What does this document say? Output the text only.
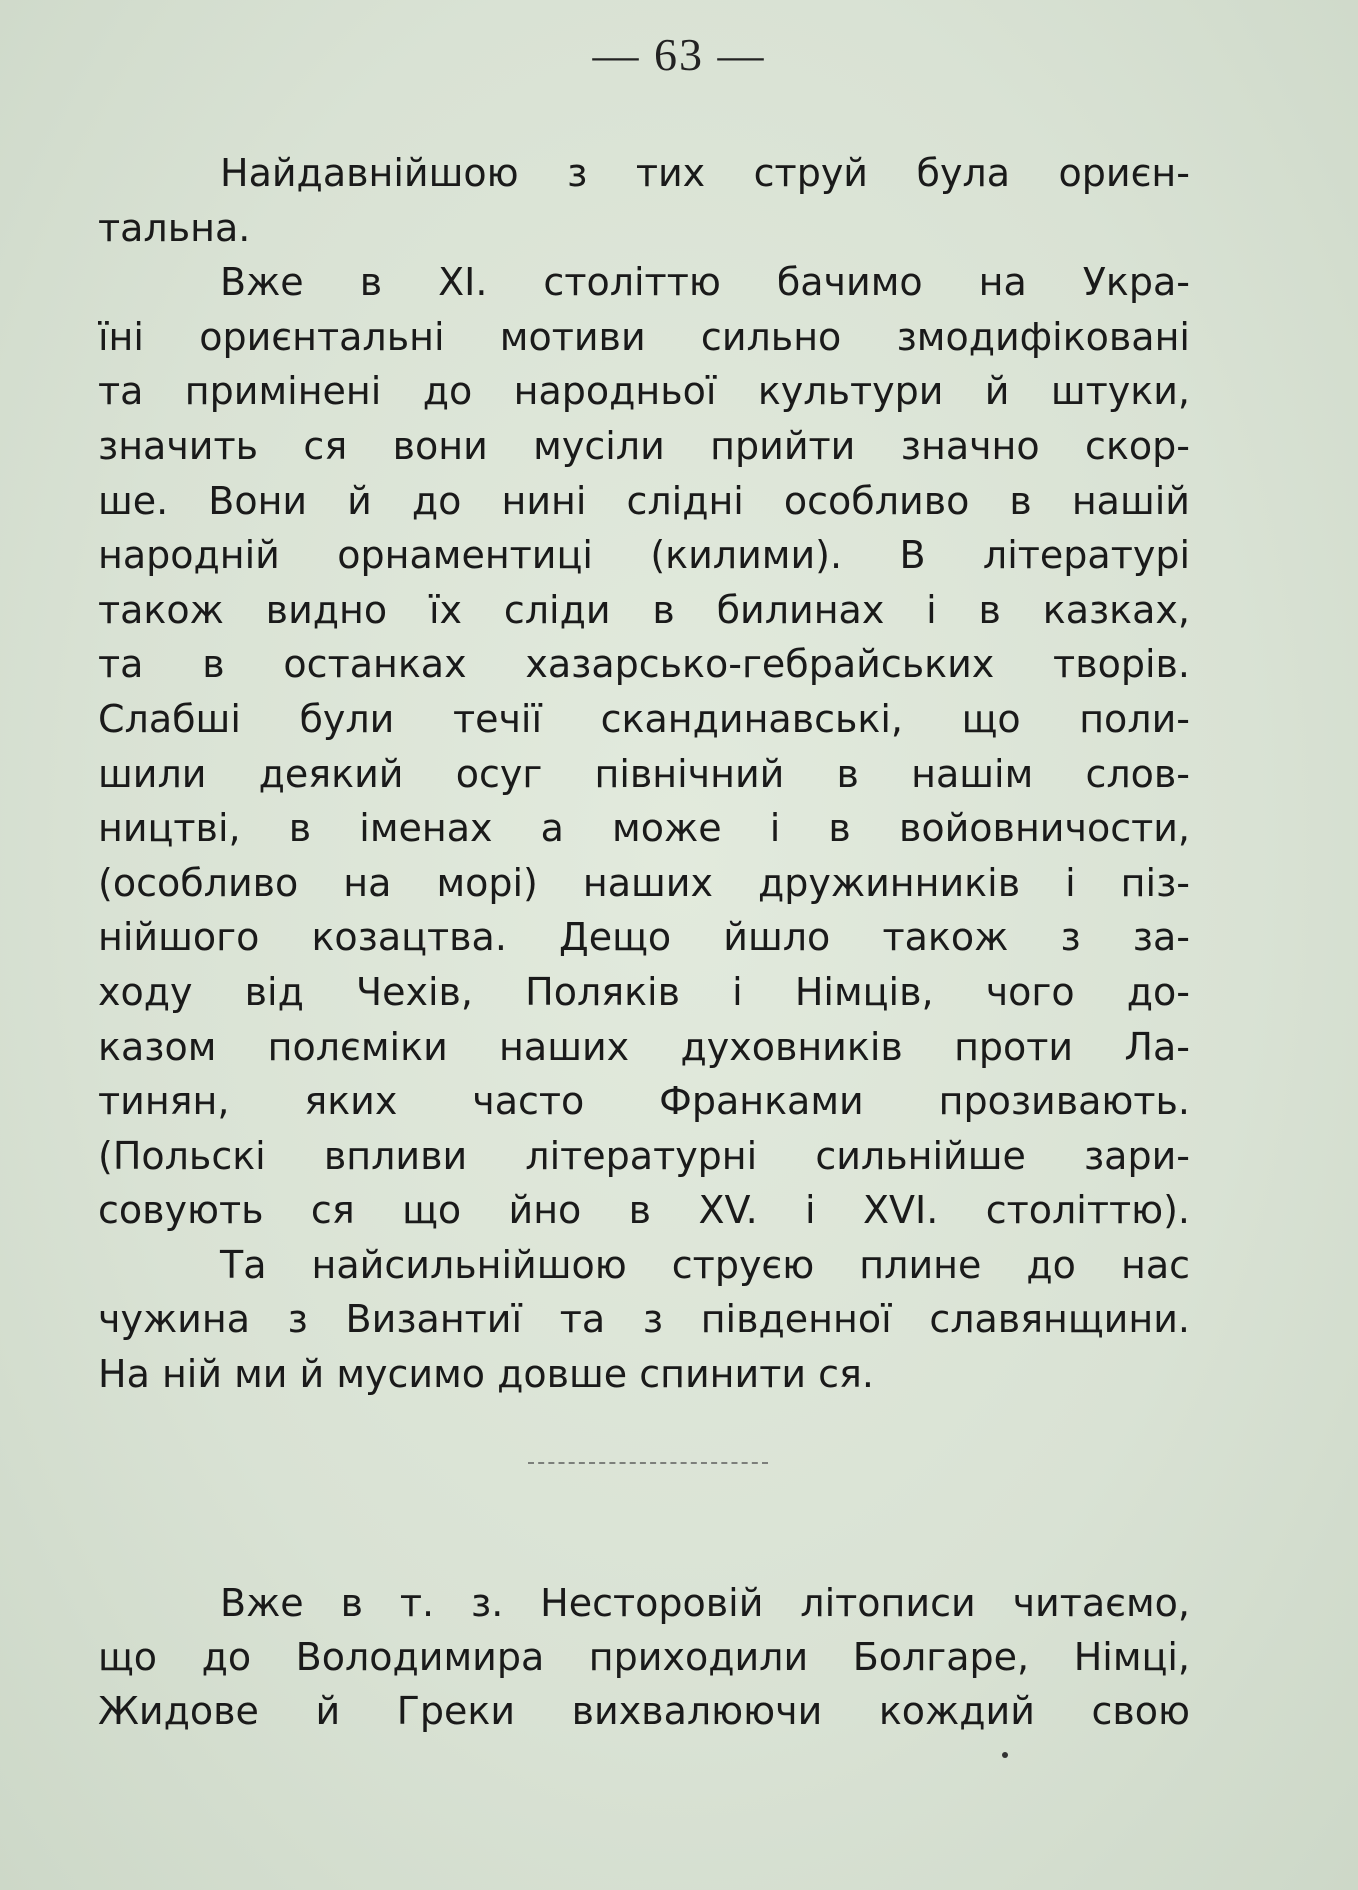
— 63 —
Найдавнійшою з тих струй була ориєн-
тальна.
Вже в XI. століттю бачимо на Укра-
їні ориєнтальні мотиви сильно змодифіковані
та примінені до народньої культури й штуки,
значить ся вони мусіли прийти значно скор-
ше. Вони й до нині слідні особливо в нашій
народній орнаментиці (килими). В літературі
також видно їх сліди в билинах і в казках,
та в останках хазарсько-гебрайських творів.
Слабші були течії скандинавські, що поли-
шили деякий осуг північний в нашім слов-
ництві, в іменах а може і в войовничости,
(особливо на морі) наших дружинників і піз-
нійшого козацтва. Дещо йшло також з за-
ходу від Чехів, Поляків і Німців, чого до-
казом полєміки наших духовників проти Ла-
тинян, яких часто Франками прозивають.
(Польскі впливи літературні сильнійше зари-
совують ся що йно в XV. і XVI. століттю).
Та найсильнійшою струєю плине до нас
чужина з Византиї та з південної славянщини.
На ній ми й мусимо довше спинити ся.
Вже в т. з. Несторовій літописи читаємо,
що до Володимира приходили Болгаре, Німці,
Жидове й Греки вихвалюючи кождий свою
